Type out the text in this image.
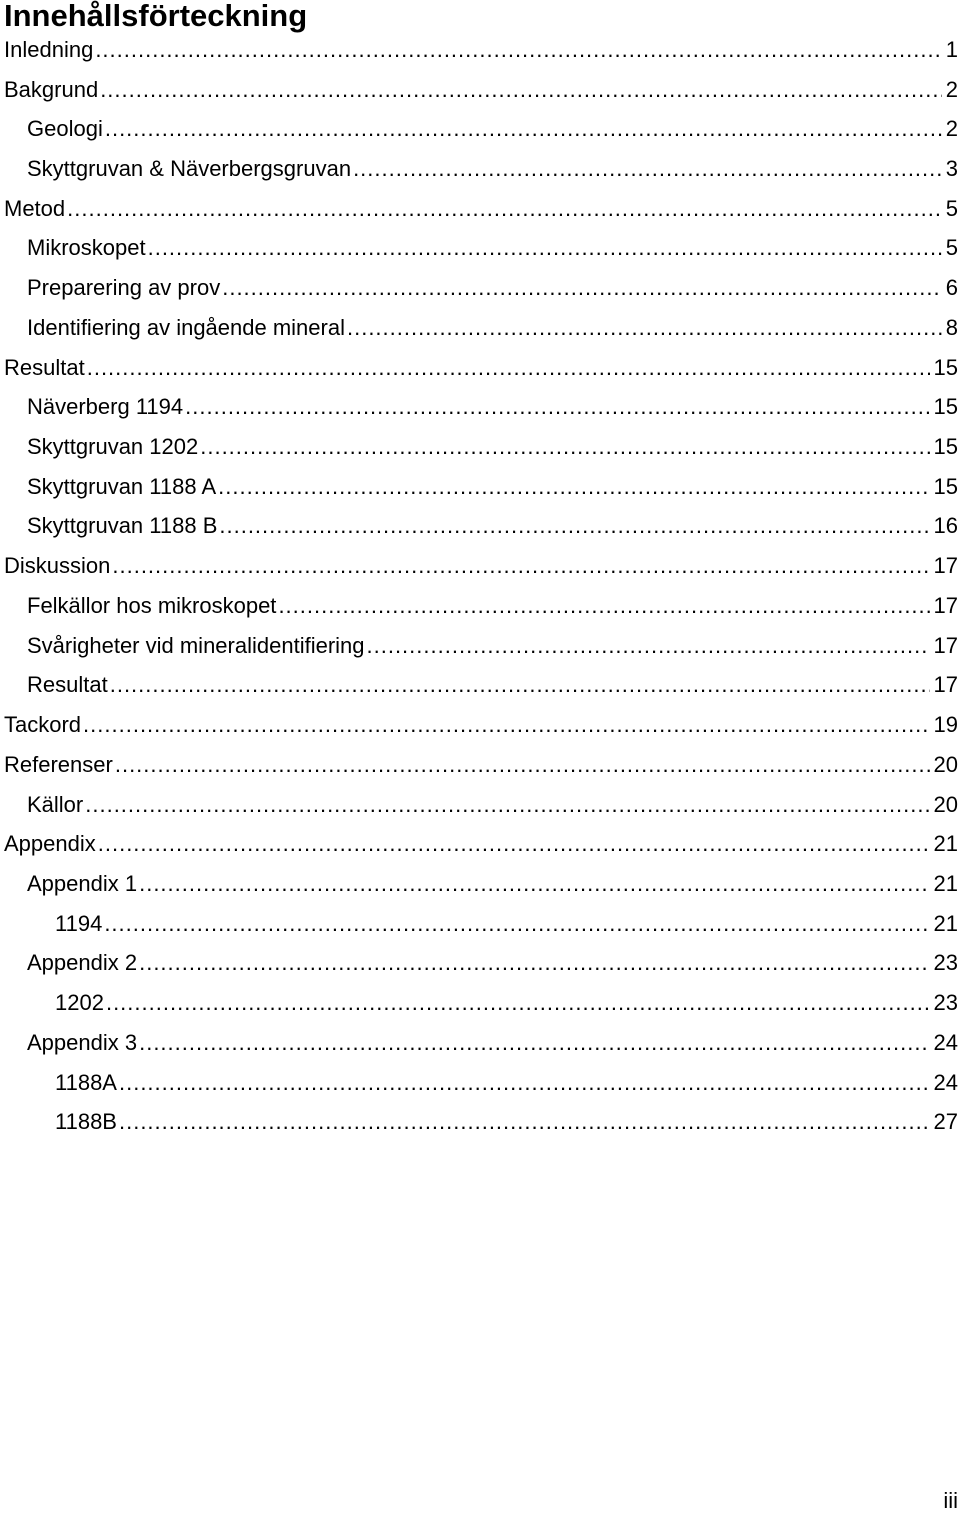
Innehållsförteckning
Inledning .....	1
Bakgrund .....	2
Geologi .....	2
Skyttgruvan & Näverbergsgruvan .....	3
Metod .....	5
Mikroskopet .....	5
Preparering av prov .....	6
Identifiering av ingående mineral .....	8
Resultat .....	15
Näverberg 1194 .....	15
Skyttgruvan 1202 .....	15
Skyttgruvan 1188 A .....	15
Skyttgruvan 1188 B .....	16
Diskussion .....	17
Felkällor hos mikroskopet .....	17
Svårigheter vid mineralidentifiering .....	17
Resultat .....	17
Tackord .....	19
Referenser .....	20
Källor .....	20
Appendix .....	21
Appendix 1 .....	21
1194 .....	21
Appendix 2 .....	23
1202 .....	23
Appendix 3 .....	24
1188A .....	24
1188B .....	27
iii
